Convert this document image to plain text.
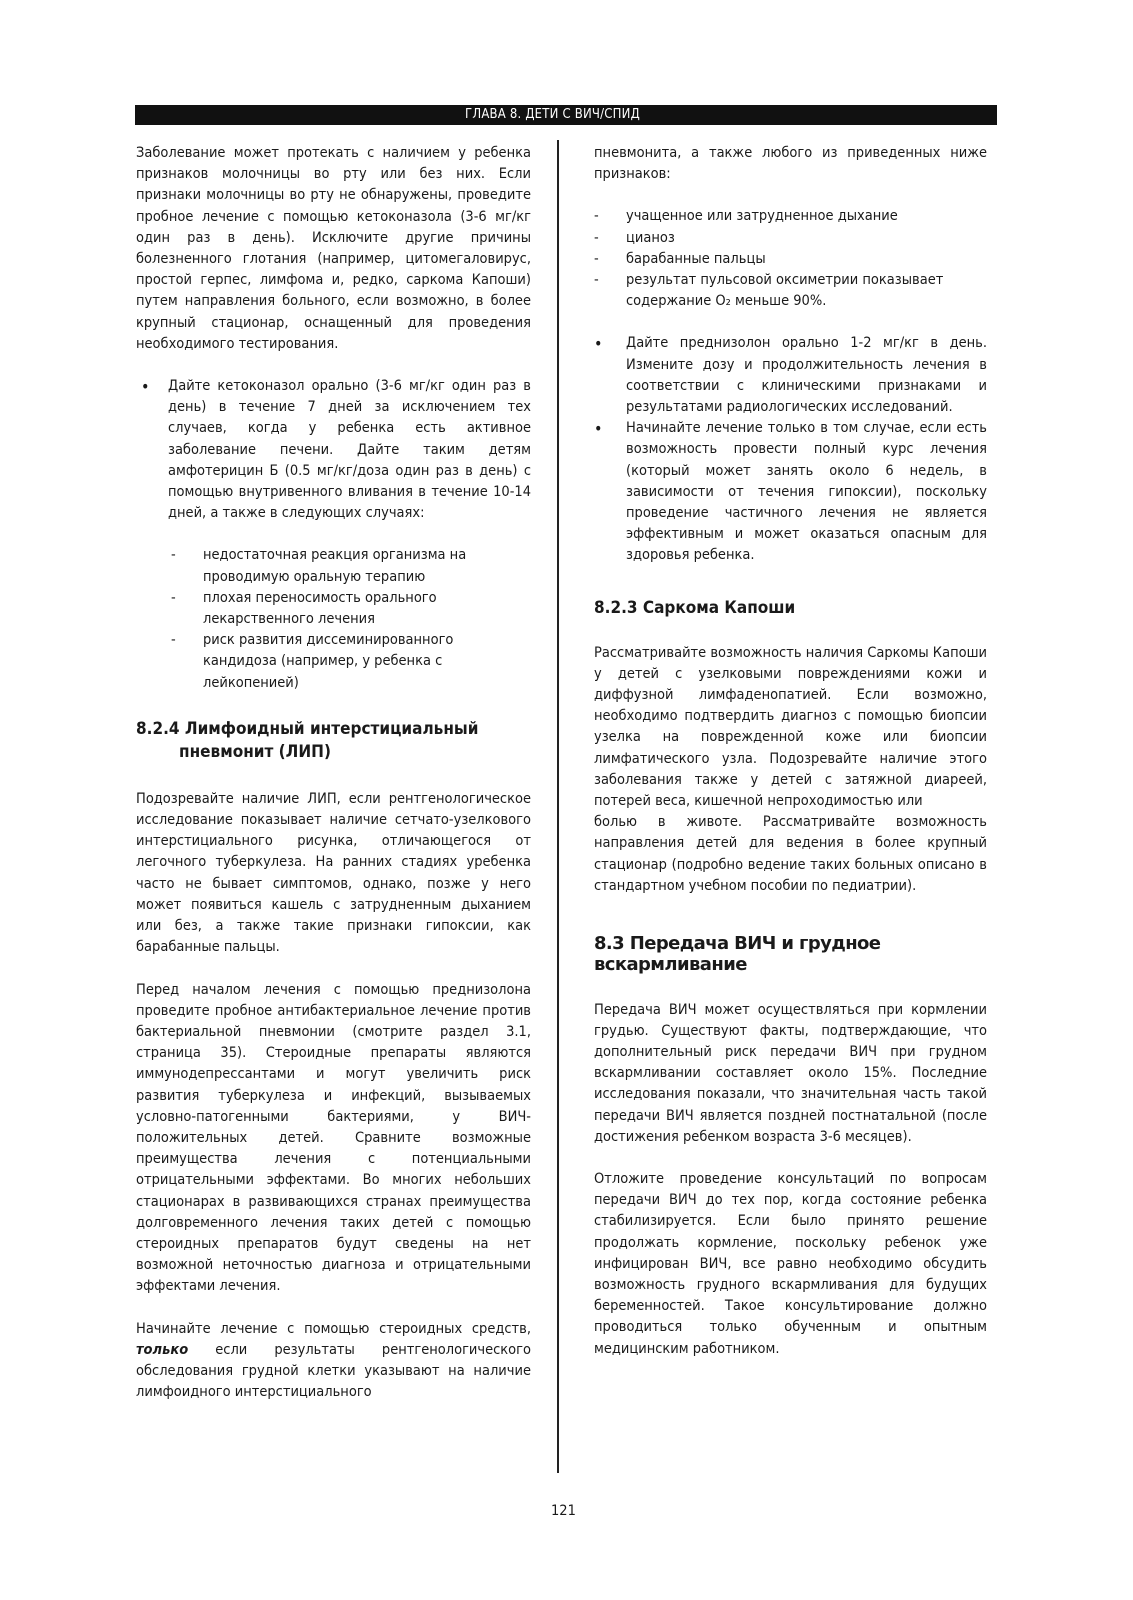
ГЛАВА 8. ДЕТИ С ВИЧ/СПИД

Заболевание может протекать с наличием у ребенка признаков молочницы во рту или без них. Если признаки молочницы во рту не обнаружены, проведите пробное лечение с помощью кетоконазола (3-6 мг/кг один раз в день). Исключите другие причины болезненного глотания (например, цитомегаловирус, простой герпес, лимфома и, редко, саркома Капоши) путем направления больного, если возможно, в более крупный стационар, оснащенный для проведения необходимого тестирования.

• Дайте кетоконазол орально (3-6 мг/кг один раз в день) в течение 7 дней за исключением тех случаев, когда у ребенка есть активное заболевание печени. Дайте таким детям амфотерицин Б (0.5 мг/кг/доза один раз в день) с помощью внутривенного вливания в течение 10-14 дней, а также в следующих случаях:
- недостаточная реакция организма на проводимую оральную терапию
- плохая переносимость орального лекарственного лечения
- риск развития диссеминированного кандидоза (например, у ребенка с лейкопенией)
8.2.4 Лимфоидный интерстициальный
пневмонит (ЛИП)

Подозревайте наличие ЛИП, если рентгенологическое исследование показывает наличие сетчато-узелкового интерстициального рисунка, отличающегося от легочного туберкулеза. На ранних стадиях уребенка часто не бывает симптомов, однако, позже у него может появиться кашель с затрудненным дыханием или без, а также такие признаки гипоксии, как барабанные пальцы.

Перед началом лечения с помощью преднизолона проведите пробное антибактериальное лечение против бактериальной пневмонии (смотрите раздел 3.1, страница 35). Стероидные препараты являются иммунодепрессантами и могут увеличить риск развития туберкулеза и инфекций, вызываемых условно-патогенными бактериями, у ВИЧ-положительных детей. Сравните возможные преимущества лечения с потенциальными отрицательными эффектами. Во многих небольших стационарах в развивающихся странах преимущества долговременного лечения таких детей с помощью стероидных препаратов будут сведены на нет возможной неточностью диагноза и отрицательными эффектами лечения.

Начинайте лечение с помощью стероидных средств, только если результаты рентгенологического обследования грудной клетки указывают на наличие лимфоидного интерстициального

пневмонита, а также любого из приведенных ниже признаков:

- учащенное или затрудненное дыхание
- цианоз
- барабанные пальцы
- результат пульсовой оксиметрии показывает содержание O₂ меньше 90%.
• Дайте преднизолон орально 1-2 мг/кг в день. Измените дозу и продолжительность лечения в соответствии с клиническими признаками и результатами радиологических исследований.
• Начинайте лечение только в том случае, если есть возможность провести полный курс лечения (который может занять около 6 недель, в зависимости от течения гипоксии), поскольку проведение частичного лечения не является эффективным и может оказаться опасным для здоровья ребенка.
8.2.3 Саркома Капоши

Рассматривайте возможность наличия Саркомы Капоши у детей с узелковыми повреждениями кожи и диффузной лимфаденопатией. Если возможно, необходимо подтвердить диагноз с помощью биопсии узелка на поврежденной коже или биопсии лимфатического узла. Подозревайте наличие этого заболевания также у детей с затяжной диареей, потерей веса, кишечной непроходимостью или

болью в животе. Рассматривайте возможность направления детей для ведения в более крупный стационар (подробно ведение таких больных описано в стандартном учебном пособии по педиатрии).

8.3 Передача ВИЧ и грудное вскармливание

Передача ВИЧ может осуществляться при кормлении грудью. Существуют факты, подтверждающие, что дополнительный риск передачи ВИЧ при грудном вскармливании составляет около 15%. Последние исследования показали, что значительная часть такой передачи ВИЧ является поздней постнатальной (после достижения ребенком возраста 3-6 месяцев).

Отложите проведение консультаций по вопросам передачи ВИЧ до тех пор, когда состояние ребенка стабилизируется. Если было принято решение продолжать кормление, поскольку ребенок уже инфицирован ВИЧ, все равно необходимо обсудить возможность грудного вскармливания для будущих беременностей. Такое консультирование должно проводиться только обученным и опытным медицинским работником.

121
